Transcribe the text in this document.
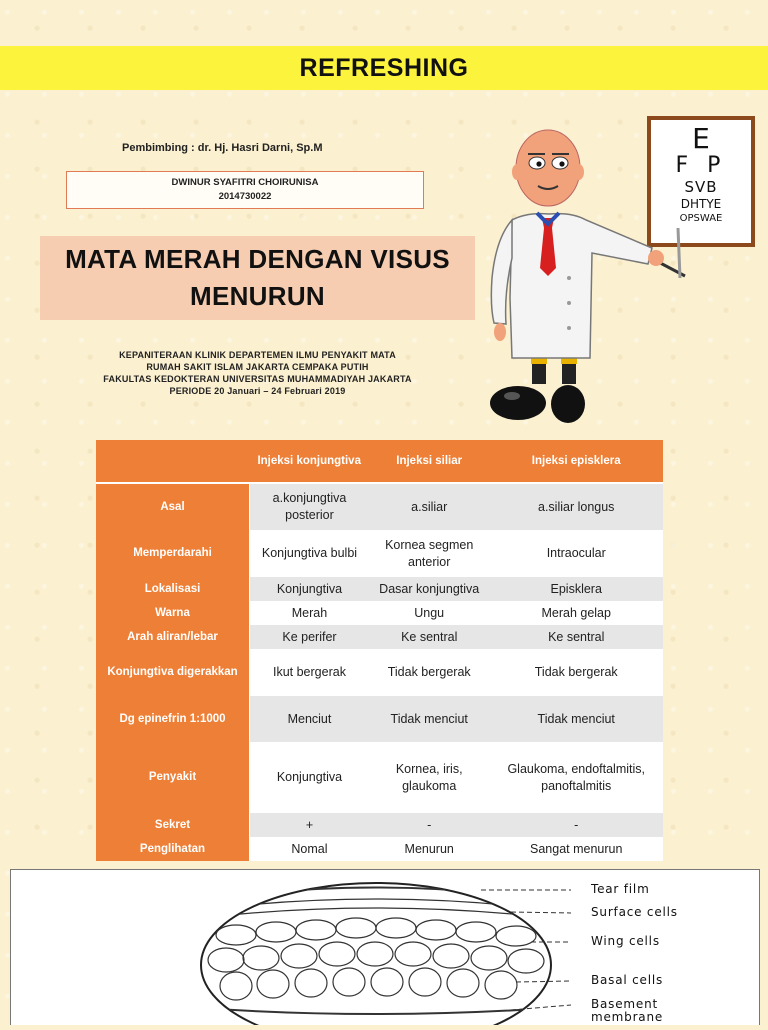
REFRESHING
Pembimbing : dr. Hj. Hasri Darni, Sp.M
DWINUR SYAFITRI CHOIRUNISA
2014730022
MATA MERAH DENGAN VISUS
MENURUN
KEPANITERAAN KLINIK DEPARTEMEN ILMU PENYAKIT MATA
RUMAH SAKIT ISLAM JAKARTA CEMPAKA PUTIH
FAKULTAS KEDOKTERAN UNIVERSITAS MUHAMMADIYAH JAKARTA
PERIODE 20 Januari – 24 Februari 2019
E
F P
SVB
DHTYE
OPSWAE
	Injeksi konjungtiva	Injeksi siliar	Injeksi episklera
Asal	a.konjungtiva posterior	a.siliar	a.siliar longus
Memperdarahi	Konjungtiva bulbi	Kornea segmen anterior	Intraocular
Lokalisasi	Konjungtiva	Dasar konjungtiva	Episklera
Warna	Merah	Ungu	Merah gelap
Arah aliran/lebar	Ke perifer	Ke sentral	Ke sentral
Konjungtiva digerakkan	Ikut bergerak	Tidak bergerak	Tidak bergerak
Dg epinefrin 1:1000	Menciut	Tidak menciut	Tidak menciut
Penyakit	Konjungtiva	Kornea, iris, glaukoma	Glaukoma, endoftalmitis, panoftalmitis
Sekret	+	-	-
Penglihatan	Nomal	Menurun	Sangat menurun
Tear film
Surface cells
Wing cells
Basal cells
Basement
membrane
